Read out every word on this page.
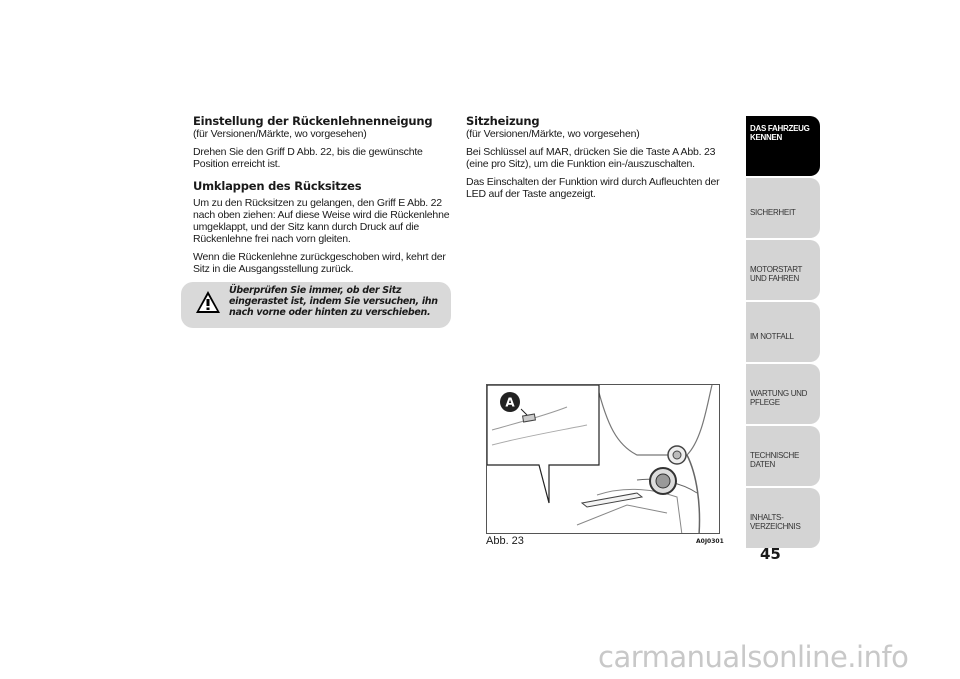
Einstellung der Rückenlehnenneigung

(für Versionen/Märkte, wo vorgesehen)

Drehen Sie den Griff D Abb. 22, bis die gewünschte Position erreicht ist.

Umklappen des Rücksitzes

Um zu den Rücksitzen zu gelangen, den Griff E Abb. 22 nach oben ziehen: Auf diese Weise wird die Rückenlehne umgeklappt, und der Sitz kann durch Druck auf die Rückenlehne frei nach vorn gleiten.

Wenn die Rückenlehne zurückgeschoben wird, kehrt der Sitz in die Ausgangsstellung zurück.

Überprüfen Sie immer, ob der Sitz eingerastet ist, indem Sie versuchen, ihn nach vorne oder hinten zu verschieben.
Sitzheizung

(für Versionen/Märkte, wo vorgesehen)

Bei Schlüssel auf MAR, drücken Sie die Taste A Abb. 23 (eine pro Sitz), um die Funktion ein-/auszuschalten.

Das Einschalten der Funktion wird durch Aufleuchten der LED auf der Taste angezeigt.

A
Abb. 23	A0J0301
DAS FAHRZEUG KENNEN
SICHERHEIT
MOTORSTART UND FAHREN
IM NOTFALL
WARTUNG UND PFLEGE
TECHNISCHE DATEN
INHALTS-VERZEICHNIS
45
carmanualsonline.info
